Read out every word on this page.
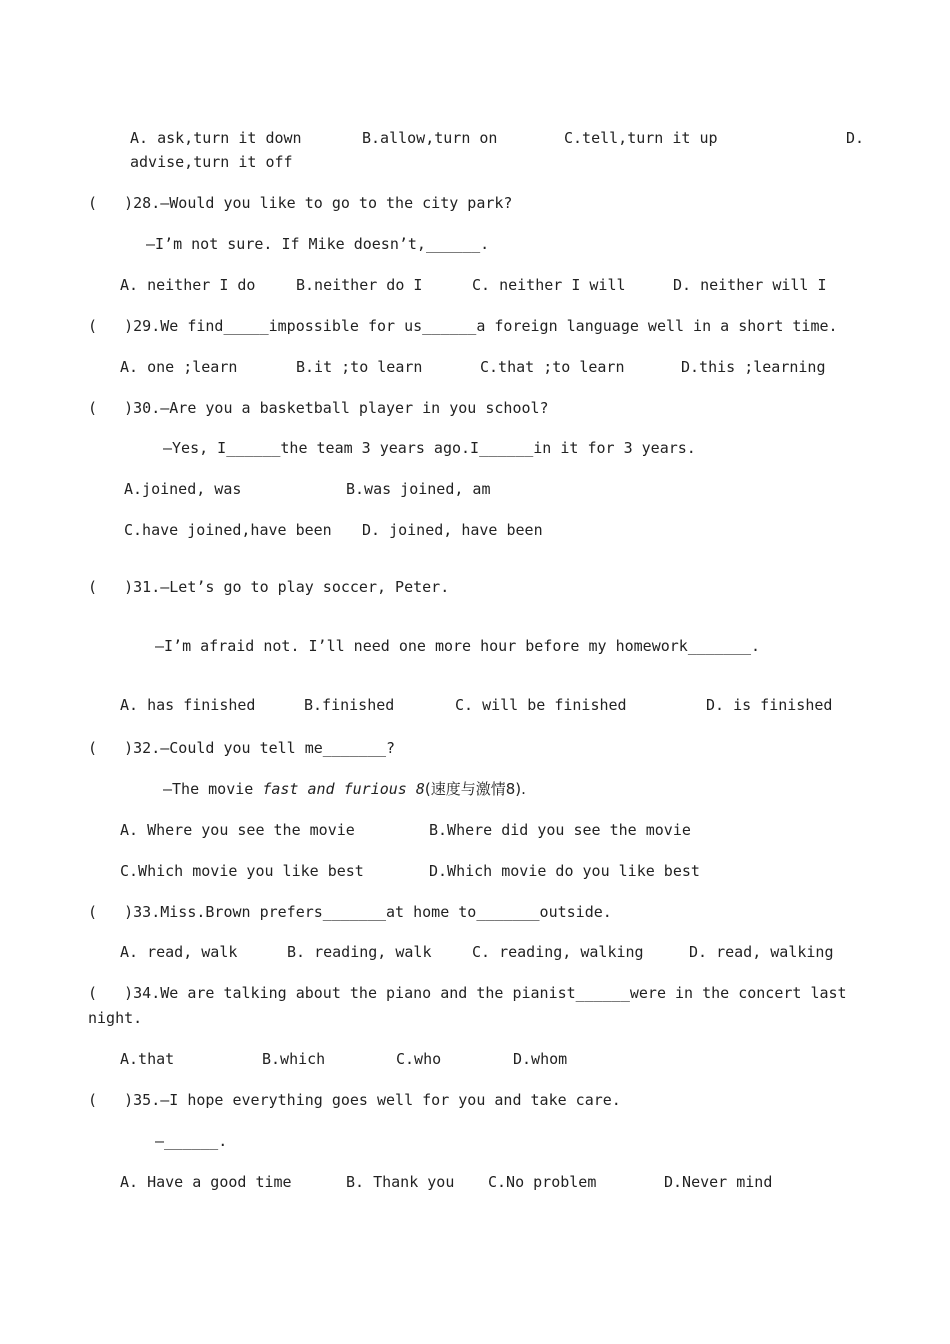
A. ask,turn it down	B.allow,turn on	C.tell,turn it up	D.
advise,turn it off
(   )28.—Would you like to go to the city park?
—I’m not sure. If Mike doesn’t,______.
A. neither I do	B.neither do I	C. neither I will	D. neither will I
(   )29.We find_____impossible for us______a foreign language well in a short time.
A. one ;learn	B.it ;to learn	C.that ;to learn	D.this ;learning
(   )30.—Are you a basketball player in you school?
—Yes, I______the team 3 years ago.I______in it for 3 years.
A.joined, was	B.was joined, am
C.have joined,have been D. joined, have been
(   )31.—Let’s go to play soccer, Peter.
—I’m afraid not. I’ll need one more hour before my homework_______.
A. has finished	B.finished	C. will be finished	D. is finished
(   )32.—Could you tell me_______?
—The movie fast and furious 8(速度与激情8).
A. Where you see the movie	B.Where did you see the movie
C.Which movie you like best	D.Which movie do you like best
(   )33.Miss.Brown prefers_______at home to_______outside.
A. read, walk	B. reading, walk	C. reading, walking	D. read, walking
(   )34.We are talking about the piano and the pianist______were in the concert last
night.
A.that	B.which	C.who	D.whom
(   )35.—I hope everything goes well for you and take care.
—______.
A. Have a good time	B. Thank you C.No problem	D.Never mind
